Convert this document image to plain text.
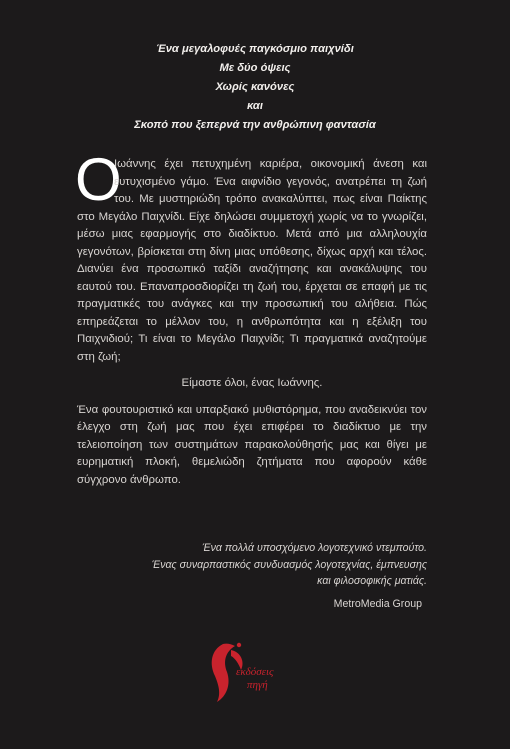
Ένα μεγαλοφυές παγκόσμιο παιχνίδι
Με δύο όψεις
Χωρίς κανόνες
και
Σκοπό που ξεπερνά την ανθρώπινη φαντασία

Ο
Ιωάννης έχει πετυχημένη καριέρα, οικονομική άνεση και ευτυχισμένο γάμο. Ένα αιφνίδιο γεγονός, ανατρέπει τη ζωή του. Με μυστηριώδη τρόπο ανακαλύπτει, πως είναι Παίκτης στο Μεγάλο Παιχνίδι. Είχε δηλώσει συμμετοχή χωρίς να το γνωρίζει, μέσω μιας εφαρμογής στο διαδίκτυο. Μετά από μια αλληλουχία γεγονότων, βρίσκεται στη δίνη μιας υπόθεσης, δίχως αρχή και τέλος. Διανύει ένα προσωπικό ταξίδι αναζήτησης και ανακάλυψης του εαυτού του. Επαναπροσδιορίζει τη ζωή του, έρχεται σε επαφή με τις πραγματικές του ανάγκες και την προσωπική του αλήθεια. Πώς επηρεάζεται το μέλλον του, η ανθρωπότητα και η εξέλιξη του Παιχνιδιού; Τι είναι το Μεγάλο Παιχνίδι; Τι πραγματικά αναζητούμε στη ζωή;

Είμαστε όλοι, ένας Ιωάννης.

Ένα φουτουριστικό και υπαρξιακό μυθιστόρημα, που αναδεικνύει τον έλεγχο στη ζωή μας που έχει επιφέρει το διαδίκτυο με την τελειοποίηση των συστημάτων παρακολούθησής μας και θίγει με ευρηματική πλοκή, θεμελιώδη ζητήματα που αφορούν κάθε σύγχρονο άνθρωπο.

Ένα πολλά υποσχόμενο λογοτεχνικό ντεμπούτο.
Ένας συναρπαστικός συνδυασμός λογοτεχνίας, έμπνευσης
και φιλοσοφικής ματιάς.
MetroMedia Group
εκδόσεις
πηγή
